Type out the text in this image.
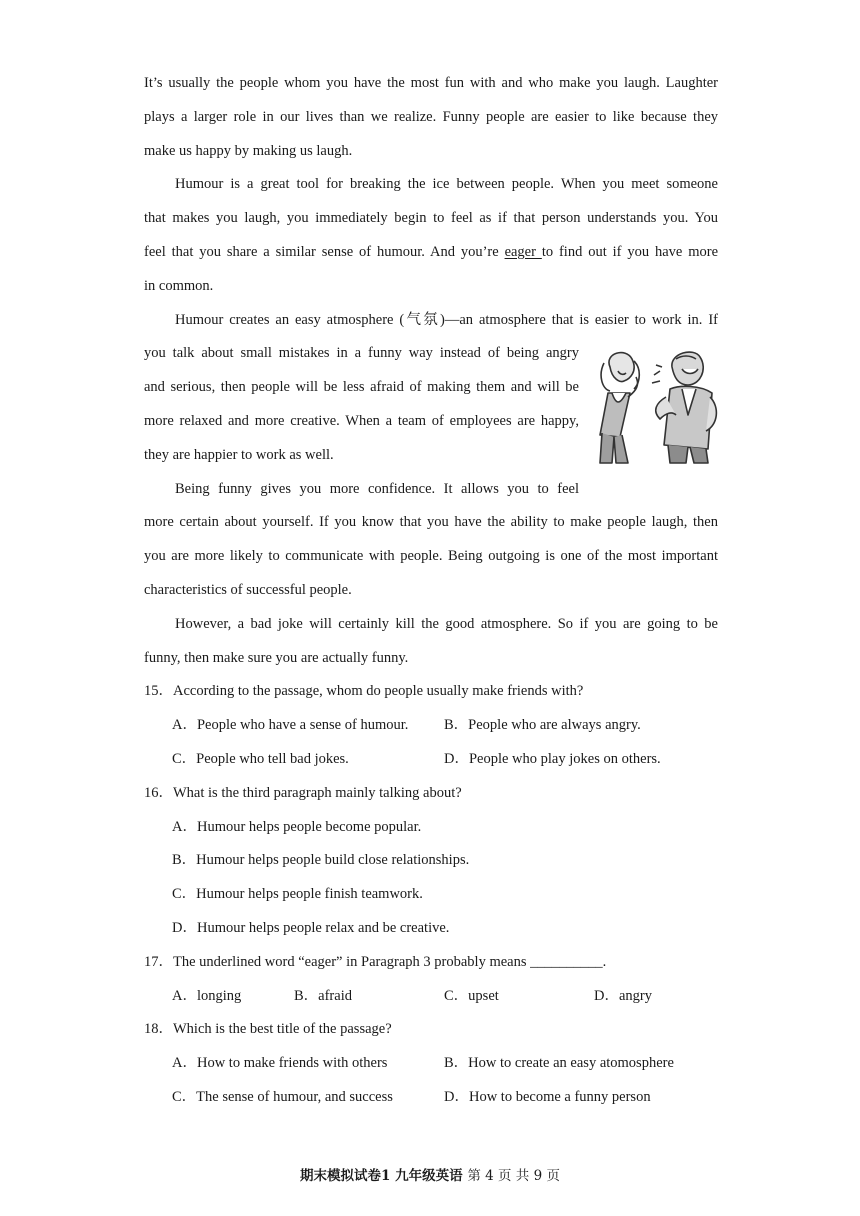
It’s usually the people whom you have the most fun with and who make you laugh. Laughter
plays a larger role in our lives than we realize. Funny people are easier to like because they
make us happy by making us laugh.
Humour is a great tool for breaking the ice between people. When you meet someone
that makes you laugh, you immediately begin to feel as if that person understands you. You
feel that you share a similar sense of humour. And you’re eager to find out if you have more
in common.
Humour creates an easy atmosphere (气氛)—an atmosphere that is easier to work in. If
you talk about small mistakes in a funny way instead of being angry
and serious, then people will be less afraid of making them and will be
more relaxed and more creative. When a team of employees are happy,
they are happier to work as well.
Being funny gives you more confidence. It allows you to feel
more certain about yourself. If you know that you have the ability to make people laugh, then
you are more likely to communicate with people. Being outgoing is one of the most important
characteristics of successful people.
However, a bad joke will certainly kill the good atmosphere. So if you are going to be
funny, then make sure you are actually funny.
15．According to the passage, whom do people usually make friends with?
A．People who have a sense of humour. B．People who are always angry.
C．People who tell bad jokes.	D．People who play jokes on others.
16．What is the third paragraph mainly talking about?
A．Humour helps people become popular.
B．Humour helps people build close relationships.
C．Humour helps people finish teamwork.
D．Humour helps people relax and be creative.
17．The underlined word “eager” in Paragraph 3 probably means __________.
A．longing	B．afraid	C．upset	D．angry
18．Which is the best title of the passage?
A．How to make friends with others	B．How to create an easy atomosphere
C．The sense of humour, and success	D．How to become a funny person
期末模拟试卷1 九年级英语 第 4 页 共 9 页
